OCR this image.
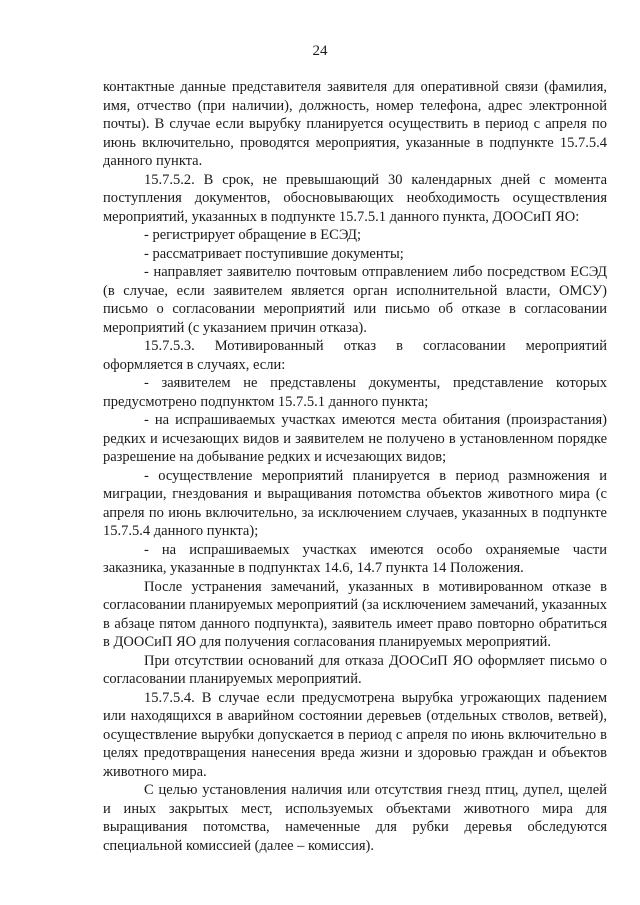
24

контактные данные представителя заявителя для оперативной связи (фамилия, имя, отчество (при наличии), должность, номер телефона, адрес электронной почты). В случае если вырубку планируется осуществить в период с апреля по июнь включительно, проводятся мероприятия, указанные в подпункте 15.7.5.4 данного пункта.

15.7.5.2. В срок, не превышающий 30 календарных дней с момента поступления документов, обосновывающих необходимость осуществления мероприятий, указанных в подпункте 15.7.5.1 данного пункта, ДООСиП ЯО:

- регистрирует обращение в ЕСЭД;

- рассматривает поступившие документы;

- направляет заявителю почтовым отправлением либо посредством ЕСЭД (в случае, если заявителем является орган исполнительной власти, ОМСУ) письмо о согласовании мероприятий или письмо об отказе в согласовании мероприятий (с указанием причин отказа).

15.7.5.3. Мотивированный отказ в согласовании мероприятий оформляется в случаях, если:

- заявителем не представлены документы, представление которых предусмотрено подпунктом 15.7.5.1 данного пункта;

- на испрашиваемых участках имеются места обитания (произрастания) редких и исчезающих видов и заявителем не получено в установленном порядке разрешение на добывание редких и исчезающих видов;

- осуществление мероприятий планируется в период размножения и миграции, гнездования и выращивания потомства объектов животного мира (с апреля по июнь включительно, за исключением случаев, указанных в подпункте 15.7.5.4 данного пункта);

- на испрашиваемых участках имеются особо охраняемые части заказника, указанные в подпунктах 14.6, 14.7 пункта 14 Положения.

После устранения замечаний, указанных в мотивированном отказе в согласовании планируемых мероприятий (за исключением замечаний, указанных в абзаце пятом данного подпункта), заявитель имеет право повторно обратиться в ДООСиП ЯО для получения согласования планируемых мероприятий.

При отсутствии оснований для отказа ДООСиП ЯО оформляет письмо о согласовании планируемых мероприятий.

15.7.5.4. В случае если предусмотрена вырубка угрожающих падением или находящихся в аварийном состоянии деревьев (отдельных стволов, ветвей), осуществление вырубки допускается в период с апреля по июнь включительно в целях предотвращения нанесения вреда жизни и здоровью граждан и объектов животного мира.

С целью установления наличия или отсутствия гнезд птиц, дупел, щелей и иных закрытых мест, используемых объектами животного мира для выращивания потомства, намеченные для рубки деревья обследуются специальной комиссией (далее – комиссия).
